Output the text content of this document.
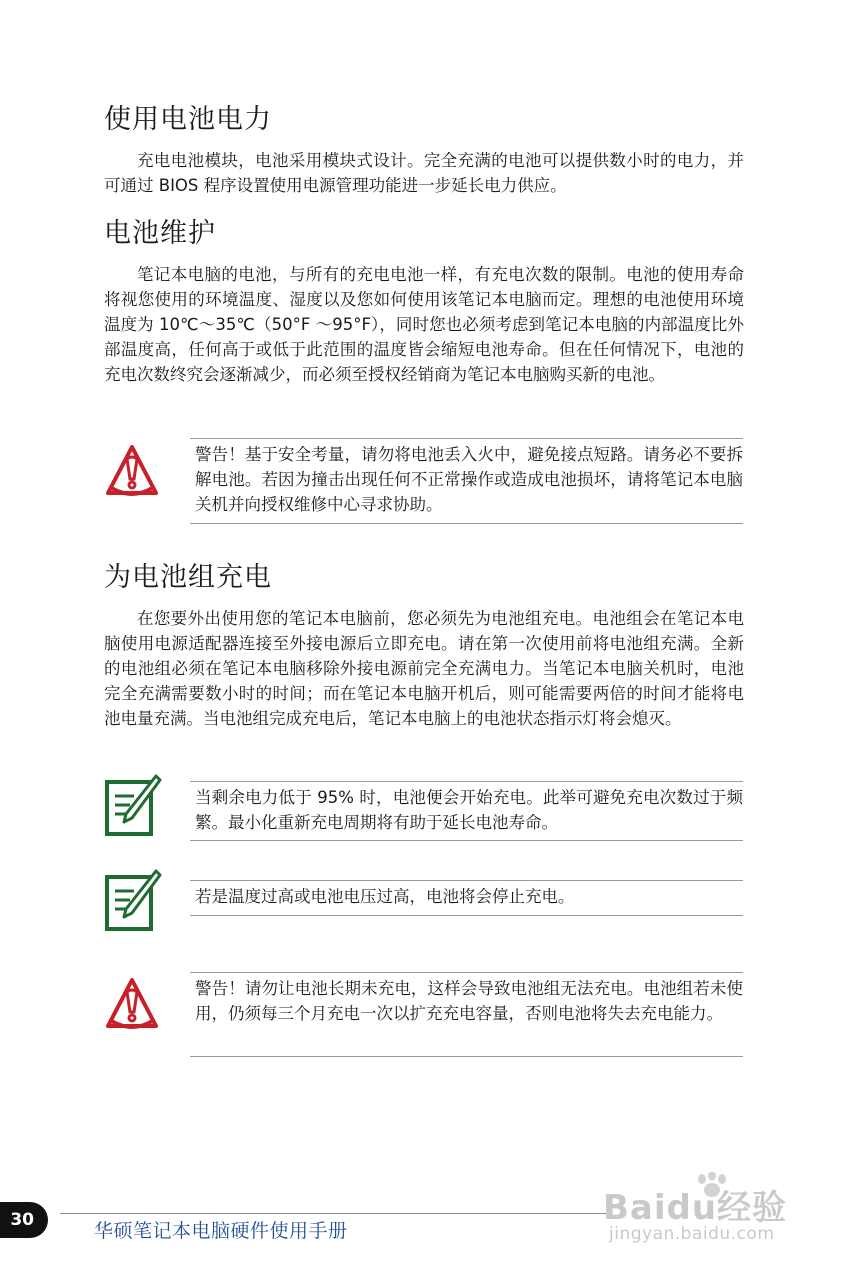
使用电池电力

充电电池模块，电池采用模块式设计。完全充满的电池可以提供数小时的电力，并可通过 BIOS 程序设置使用电源管理功能进一步延长电力供应。

电池维护

笔记本电脑的电池，与所有的充电电池一样，有充电次数的限制。电池的使用寿命将视您使用的环境温度、湿度以及您如何使用该笔记本电脑而定。理想的电池使用环境温度为 10℃～35℃（50°F ～95°F），同时您也必须考虑到笔记本电脑的内部温度比外部温度高，任何高于或低于此范围的温度皆会缩短电池寿命。但在任何情况下，电池的充电次数终究会逐渐减少，而必须至授权经销商为笔记本电脑购买新的电池。

警告！基于安全考量，请勿将电池丢入火中，避免接点短路。请务必不要拆解电池。若因为撞击出现任何不正常操作或造成电池损坏，请将笔记本电脑关机并向授权维修中心寻求协助。
为电池组充电

在您要外出使用您的笔记本电脑前，您必须先为电池组充电。电池组会在笔记本电脑使用电源适配器连接至外接电源后立即充电。请在第一次使用前将电池组充满。全新的电池组必须在笔记本电脑移除外接电源前完全充满电力。当笔记本电脑关机时，电池完全充满需要数小时的时间；而在笔记本电脑开机后，则可能需要两倍的时间才能将电池电量充满。当电池组完成充电后，笔记本电脑上的电池状态指示灯将会熄灭。

当剩余电力低于 95% 时，电池便会开始充电。此举可避免充电次数过于频繁。最小化重新充电周期将有助于延长电池寿命。
若是温度过高或电池电压过高，电池将会停止充电。
警告！请勿让电池长期未充电，这样会导致电池组无法充电。电池组若未使用，仍须每三个月充电一次以扩充充电容量，否则电池将失去充电能力。
30	华硕笔记本电脑硬件使用手册
Baidu经验
jingyan.baidu.com
